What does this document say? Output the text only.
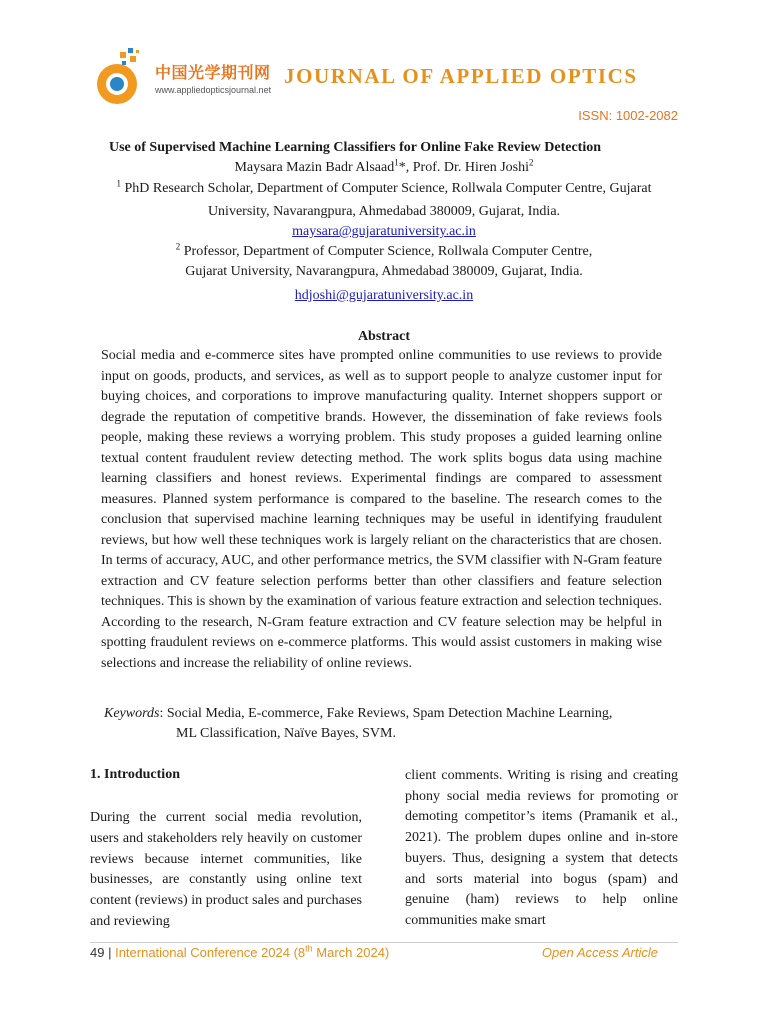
中国光学期刊网
www.appliedopticsjournal.net
JOURNAL OF APPLIED OPTICS
ISSN: 1002-2082
Use of Supervised Machine Learning Classifiers for Online Fake Review Detection
Maysara Mazin Badr Alsaad$^1$*, Prof. Dr. Hiren Joshi$^2$
$^1$ PhD Research Scholar, Department of Computer Science, Rollwala Computer Centre, Gujarat
University, Navarangpura, Ahmedabad 380009, Gujarat, India.
maysara@gujaratuniversity.ac.in
$^2$ Professor, Department of Computer Science, Rollwala Computer Centre,
Gujarat University, Navarangpura, Ahmedabad 380009, Gujarat, India.
hdjoshi@gujaratuniversity.ac.in
Abstract
Social media and e-commerce sites have prompted online communities to use reviews to provide input on goods, products, and services, as well as to support people to analyze customer input for buying choices, and corporations to improve manufacturing quality. Internet shoppers support or degrade the reputation of competitive brands. However, the dissemination of fake reviews fools people, making these reviews a worrying problem. This study proposes a guided learning online textual content fraudulent review detecting method. The work splits bogus data using machine learning classifiers and honest reviews. Experimental findings are compared to assessment measures. Planned system performance is compared to the baseline. The research comes to the conclusion that supervised machine learning techniques may be useful in identifying fraudulent reviews, but how well these techniques work is largely reliant on the characteristics that are chosen. In terms of accuracy, AUC, and other performance metrics, the SVM classifier with N-Gram feature extraction and CV feature selection performs better than other classifiers and feature selection techniques. This is shown by the examination of various feature extraction and selection techniques. According to the research, N-Gram feature extraction and CV feature selection may be helpful in spotting fraudulent reviews on e-commerce platforms. This would assist customers in making wise selections and increase the reliability of online reviews.
Keywords: Social Media, E-commerce, Fake Reviews, Spam Detection Machine Learning,
ML Classification, Naïve Bayes, SVM.
1. Introduction
During the current social media revolution, users and stakeholders rely heavily on customer reviews because internet communities, like businesses, are constantly using online text content (reviews) in product sales and purchases and reviewing
client comments. Writing is rising and creating phony social media reviews for promoting or demoting competitor’s items (Pramanik et al., 2021). The problem dupes online and in-store buyers. Thus, designing a system that detects and sorts material into bogus (spam) and genuine (ham) reviews to help online communities make smart
49 | International Conference 2024 (8th March 2024)	Open Access Article
